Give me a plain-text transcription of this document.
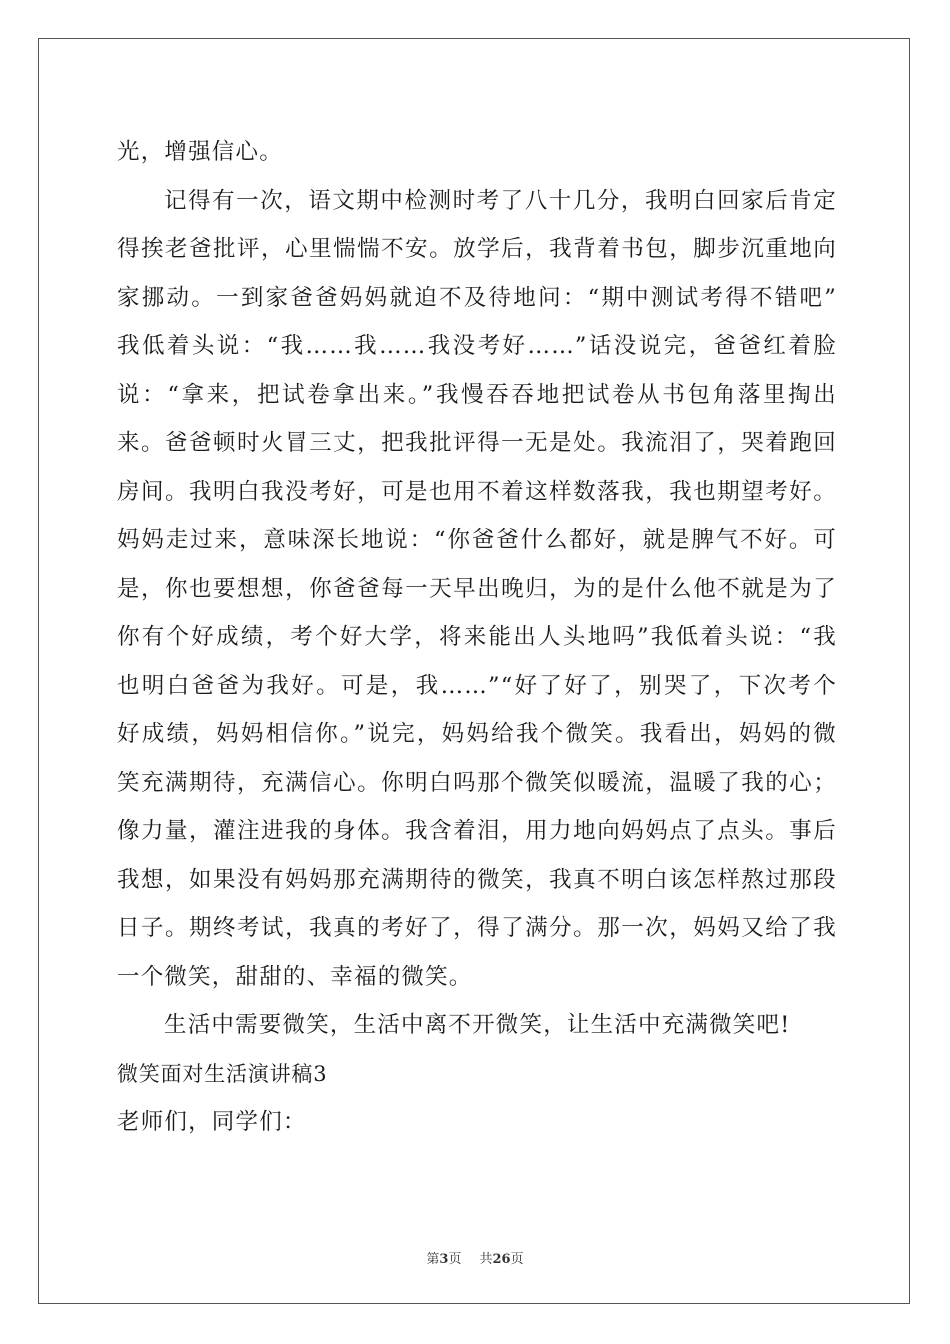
光，增强信心。
记得有一次，语文期中检测时考了八十几分，我明白回家后肯定
得挨老爸批评，心里惴惴不安。放学后，我背着书包，脚步沉重地向
家挪动。一到家爸爸妈妈就迫不及待地问：“期中测试考得不错吧”
我低着头说：“我……我……我没考好……”话没说完，爸爸红着脸
说：“拿来，把试卷拿出来。”我慢吞吞地把试卷从书包角落里掏出
来。爸爸顿时火冒三丈，把我批评得一无是处。我流泪了，哭着跑回
房间。我明白我没考好，可是也用不着这样数落我，我也期望考好。
妈妈走过来，意味深长地说：“你爸爸什么都好，就是脾气不好。可
是，你也要想想，你爸爸每一天早出晚归，为的是什么他不就是为了
你有个好成绩，考个好大学，将来能出人头地吗”我低着头说：“我
也明白爸爸为我好。可是，我……”“好了好了，别哭了，下次考个
好成绩，妈妈相信你。”说完，妈妈给我个微笑。我看出，妈妈的微
笑充满期待，充满信心。你明白吗那个微笑似暖流，温暖了我的心；
像力量，灌注进我的身体。我含着泪，用力地向妈妈点了点头。事后
我想，如果没有妈妈那充满期待的微笑，我真不明白该怎样熬过那段
日子。期终考试，我真的考好了，得了满分。那一次，妈妈又给了我
一个微笑，甜甜的、幸福的微笑。
生活中需要微笑，生活中离不开微笑，让生活中充满微笑吧!
微笑面对生活演讲稿3
老师们，同学们：
第3页 共26页
